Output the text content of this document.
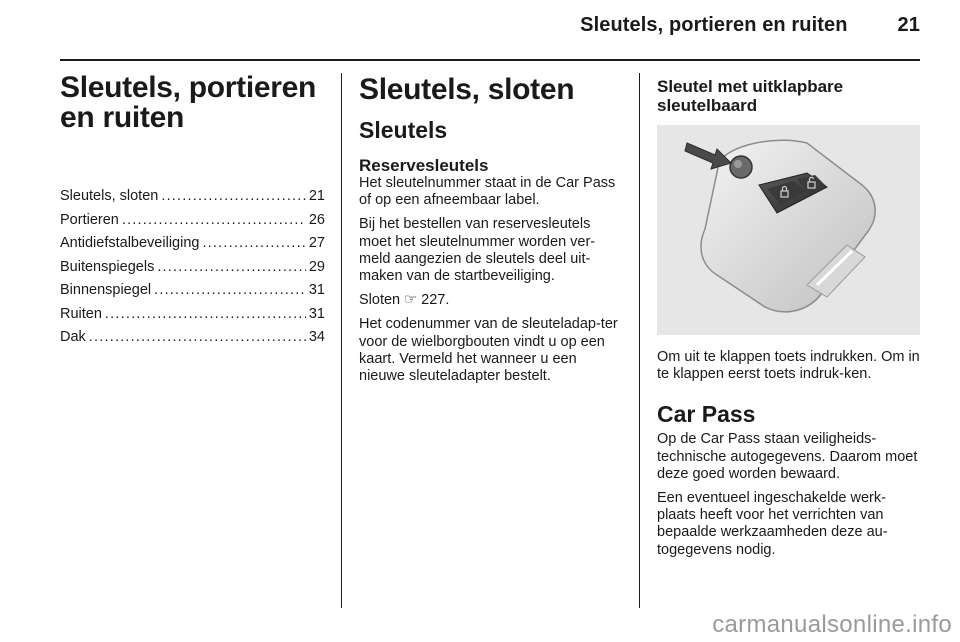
Sleutels, portieren en ruiten	21
Sleutels, portieren en ruiten
Sleutels, sloten .....	21
Portieren .....	26
Antidiefstalbeveiliging .....	27
Buitenspiegels .....	29
Binnenspiegel .....	31
Ruiten .....	31
Dak .....	34
Sleutels, sloten
Sleutels
Reservesleutels

Het sleutelnummer staat in de Car Pass of op een afneembaar label.

Bij het bestellen van reservesleutels moet het sleutelnummer worden ver-meld aangezien de sleutels deel uit-maken van de startbeveiliging.

Sloten ☞ 227.

Het codenummer van de sleuteladap-ter voor de wielborgbouten vindt u op een kaart. Vermeld het wanneer u een nieuwe sleuteladapter bestelt.

Sleutel met uitklapbare sleutelbaard

Om uit te klappen toets indrukken. Om in te klappen eerst toets indruk-ken.

Car Pass

Op de Car Pass staan veiligheids-technische autogegevens. Daarom moet deze goed worden bewaard.

Een eventueel ingeschakelde werk-plaats heeft voor het verrichten van bepaalde werkzaamheden deze au-togegevens nodig.

carmanualsonline.info
